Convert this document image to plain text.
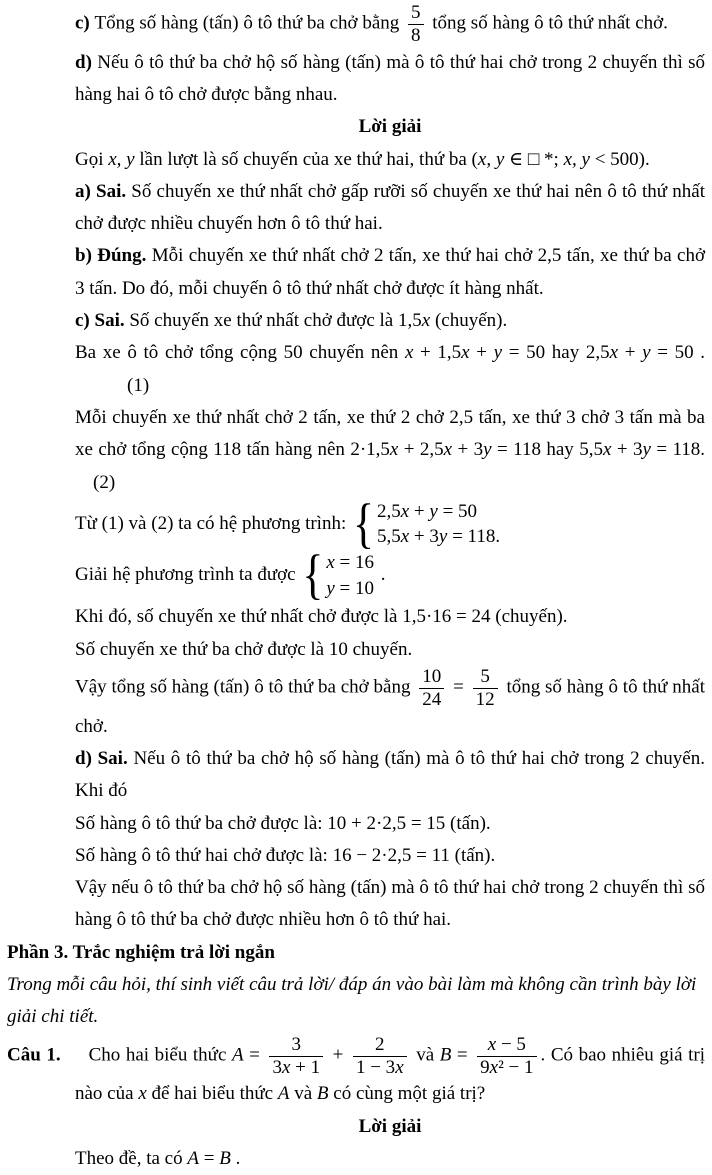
c) Tổng số hàng (tấn) ô tô thứ ba chở bằng $\frac{5}{8}$ tổng số hàng ô tô thứ nhất chở.

d) Nếu ô tô thứ ba chở hộ số hàng (tấn) mà ô tô thứ hai chở trong 2 chuyến thì số hàng hai ô tô chở được bằng nhau.

Lời giải

Gọi x, y lần lượt là số chuyến của xe thứ hai, thứ ba (x, y ∈ □ *; x, y < 500).

a) Sai. Số chuyến xe thứ nhất chở gấp rưỡi số chuyến xe thứ hai nên ô tô thứ nhất chở được nhiều chuyến hơn ô tô thứ hai.

b) Đúng. Mỗi chuyến xe thứ nhất chở 2 tấn, xe thứ hai chở 2,5 tấn, xe thứ ba chở 3 tấn. Do đó, mỗi chuyến ô tô thứ nhất chở được ít hàng nhất.

c) Sai. Số chuyến xe thứ nhất chở được là 1,5x (chuyến).

Ba xe ô tô chở tổng cộng 50 chuyến nên x + 1,5x + y = 50 hay 2,5x + y = 50 .(1)

Mỗi chuyến xe thứ nhất chở 2 tấn, xe thứ 2 chở 2,5 tấn, xe thứ 3 chở 3 tấn mà ba xe chở tổng cộng 118 tấn hàng nên 2·1,5x + 2,5x + 3y = 118 hay 5,5x + 3y = 118.(2)

Từ (1) và (2) ta có hệ phương trình: { 2,5x + y = 50
5,5x + 3y = 118.

Giải hệ phương trình ta được { x = 16
y = 10
.

Khi đó, số chuyến xe thứ nhất chở được là 1,5·16 = 24 (chuyến).

Số chuyến xe thứ ba chở được là 10 chuyến.

Vậy tổng số hàng (tấn) ô tô thứ ba chở bằng $\frac{10}{24} = \frac{5}{12}$ tổng số hàng ô tô thứ nhất chở.

d) Sai. Nếu ô tô thứ ba chở hộ số hàng (tấn) mà ô tô thứ hai chở trong 2 chuyến. Khi đó

Số hàng ô tô thứ ba chở được là: 10 + 2·2,5 = 15 (tấn).

Số hàng ô tô thứ hai chở được là: 16 − 2·2,5 = 11 (tấn).

Vậy nếu ô tô thứ ba chở hộ số hàng (tấn) mà ô tô thứ hai chở trong 2 chuyến thì số hàng ô tô thứ ba chở được nhiều hơn ô tô thứ hai.

Phần 3. Trắc nghiệm trả lời ngắn

Trong mỗi câu hỏi, thí sinh viết câu trả lời/ đáp án vào bài làm mà không cần trình bày lời giải chi tiết.

Câu 1. Cho hai biểu thức $A = \frac{3}{3x + 1} + \frac{2}{1 - 3x}$ và $B = \frac{x - 5}{\text{9x² − 1}}$ . Có bao nhiêu giá trị nào của x để hai biểu thức A và B có cùng một giá trị?

Lời giải

Theo đề, ta có A = B .
